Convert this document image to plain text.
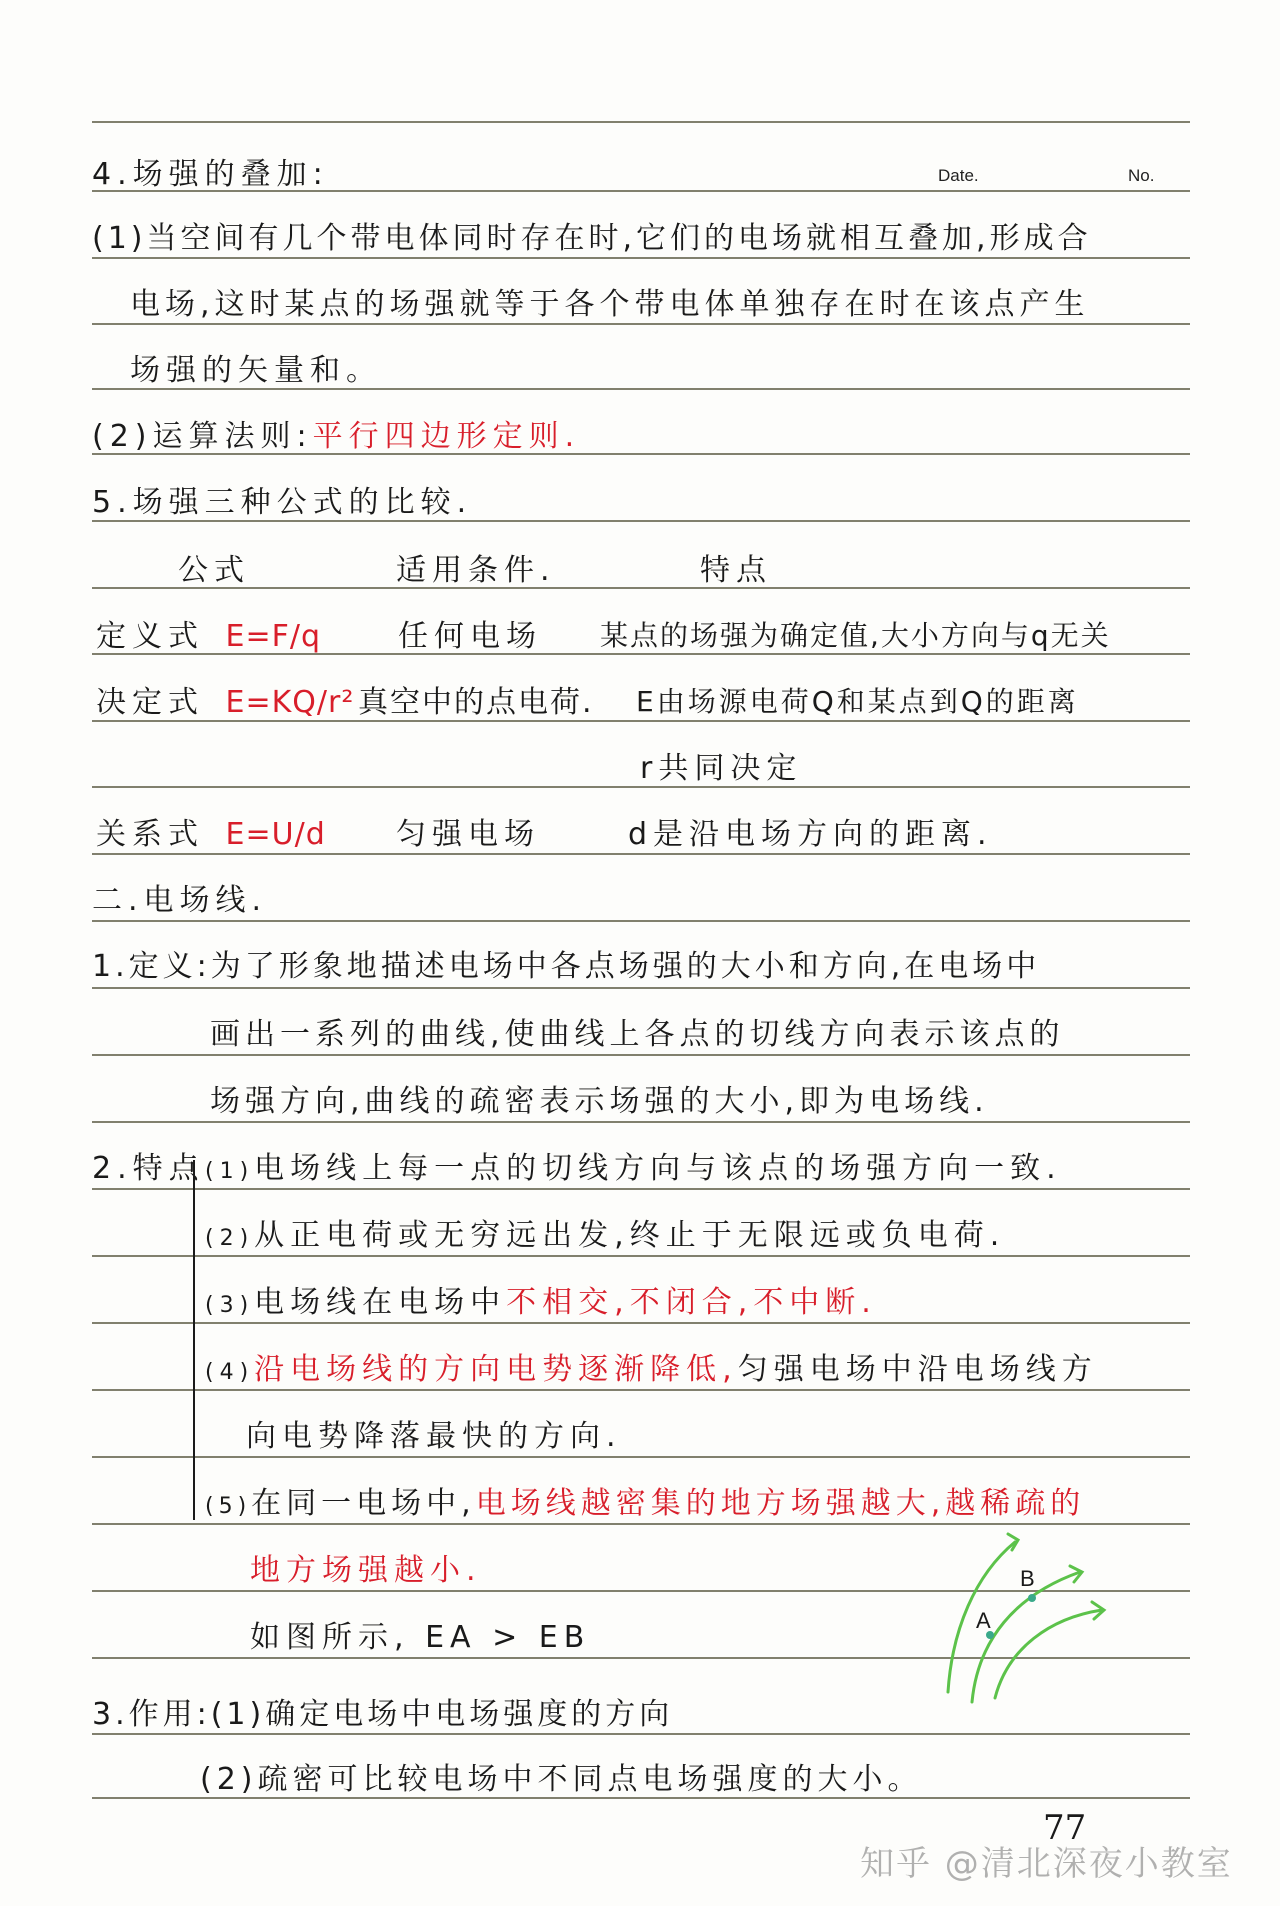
Date.	No.
4.场强的叠加:
(1)当空间有几个带电体同时存在时,它们的电场就相互叠加,形成合
电场,这时某点的场强就等于各个带电体单独存在时在该点产生
场强的矢量和。
(2)运算法则:平行四边形定则.
5.场强三种公式的比较.
公式	适用条件.	特点
定义式 E=F/q	任何电场 某点的场强为确定值,大小方向与q无关
决定式 E=KQ/r² 真空中的点电荷. E由场源电荷Q和某点到Q的距离
r共同决定
关系式 E=U/d 匀强电场	d是沿电场方向的距离.
二.电场线.
1.定义:为了形象地描述电场中各点场强的大小和方向,在电场中
画出一系列的曲线,使曲线上各点的切线方向表示该点的
场强方向,曲线的疏密表示场强的大小,即为电场线.
2.特点 (1)电场线上每一点的切线方向与该点的场强方向一致.
(2)从正电荷或无穷远出发,终止于无限远或负电荷.
(3)电场线在电场中不相交,不闭合,不中断.
(4)沿电场线的方向电势逐渐降低,匀强电场中沿电场线方
向电势降落最快的方向.
(5)在同一电场中,电场线越密集的地方场强越大,越稀疏的
地方场强越小.
如图所示, EA > EB	A
B
3.作用:(1)确定电场中电场强度的方向
(2)疏密可比较电场中不同点电场强度的大小。
77
知乎 @清北深夜小教室
